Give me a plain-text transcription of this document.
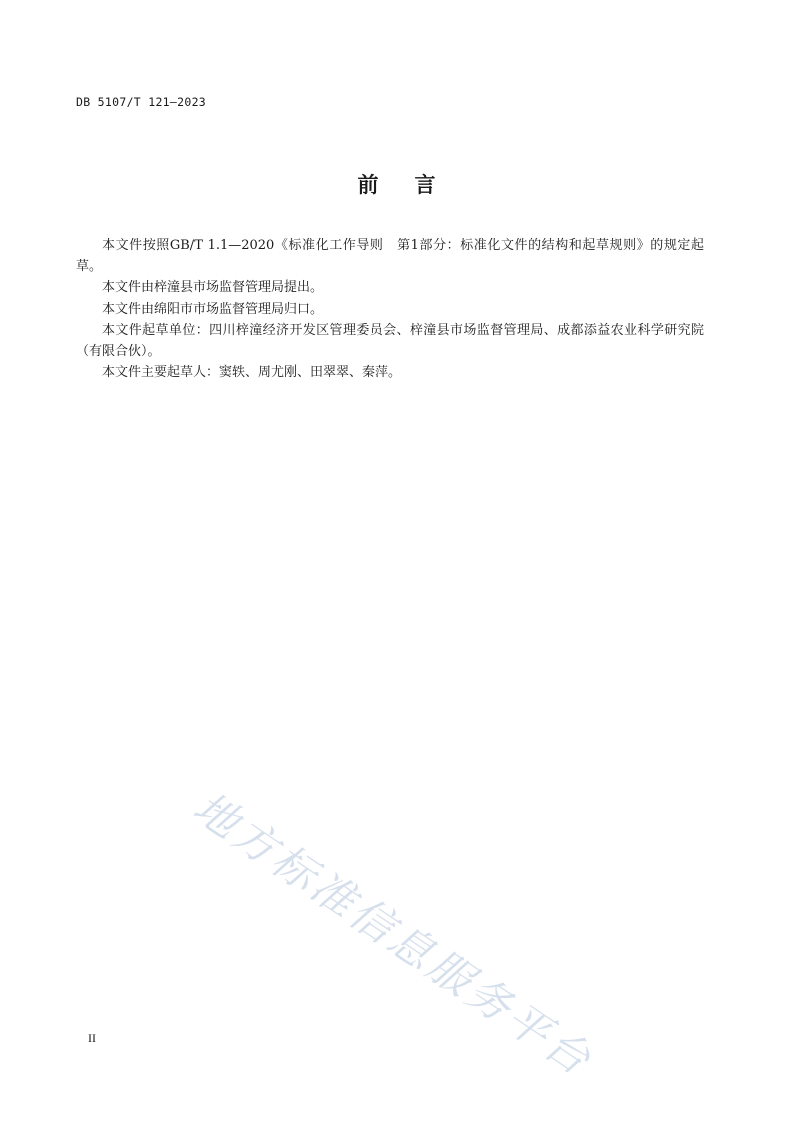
DB 5107/T 121—2023
前言

本文件按照GB/T 1.1—2020《标准化工作导则　第1部分：标准化文件的结构和起草规则》的规定起草。

本文件由梓潼县市场监督管理局提出。

本文件由绵阳市市场监督管理局归口。

本文件起草单位：四川梓潼经济开发区管理委员会、梓潼县市场监督管理局、成都添益农业科学研究院（有限合伙）。

本文件主要起草人：窦轶、周尤刚、田翠翠、秦萍。

地方标准信息服务平台
II
